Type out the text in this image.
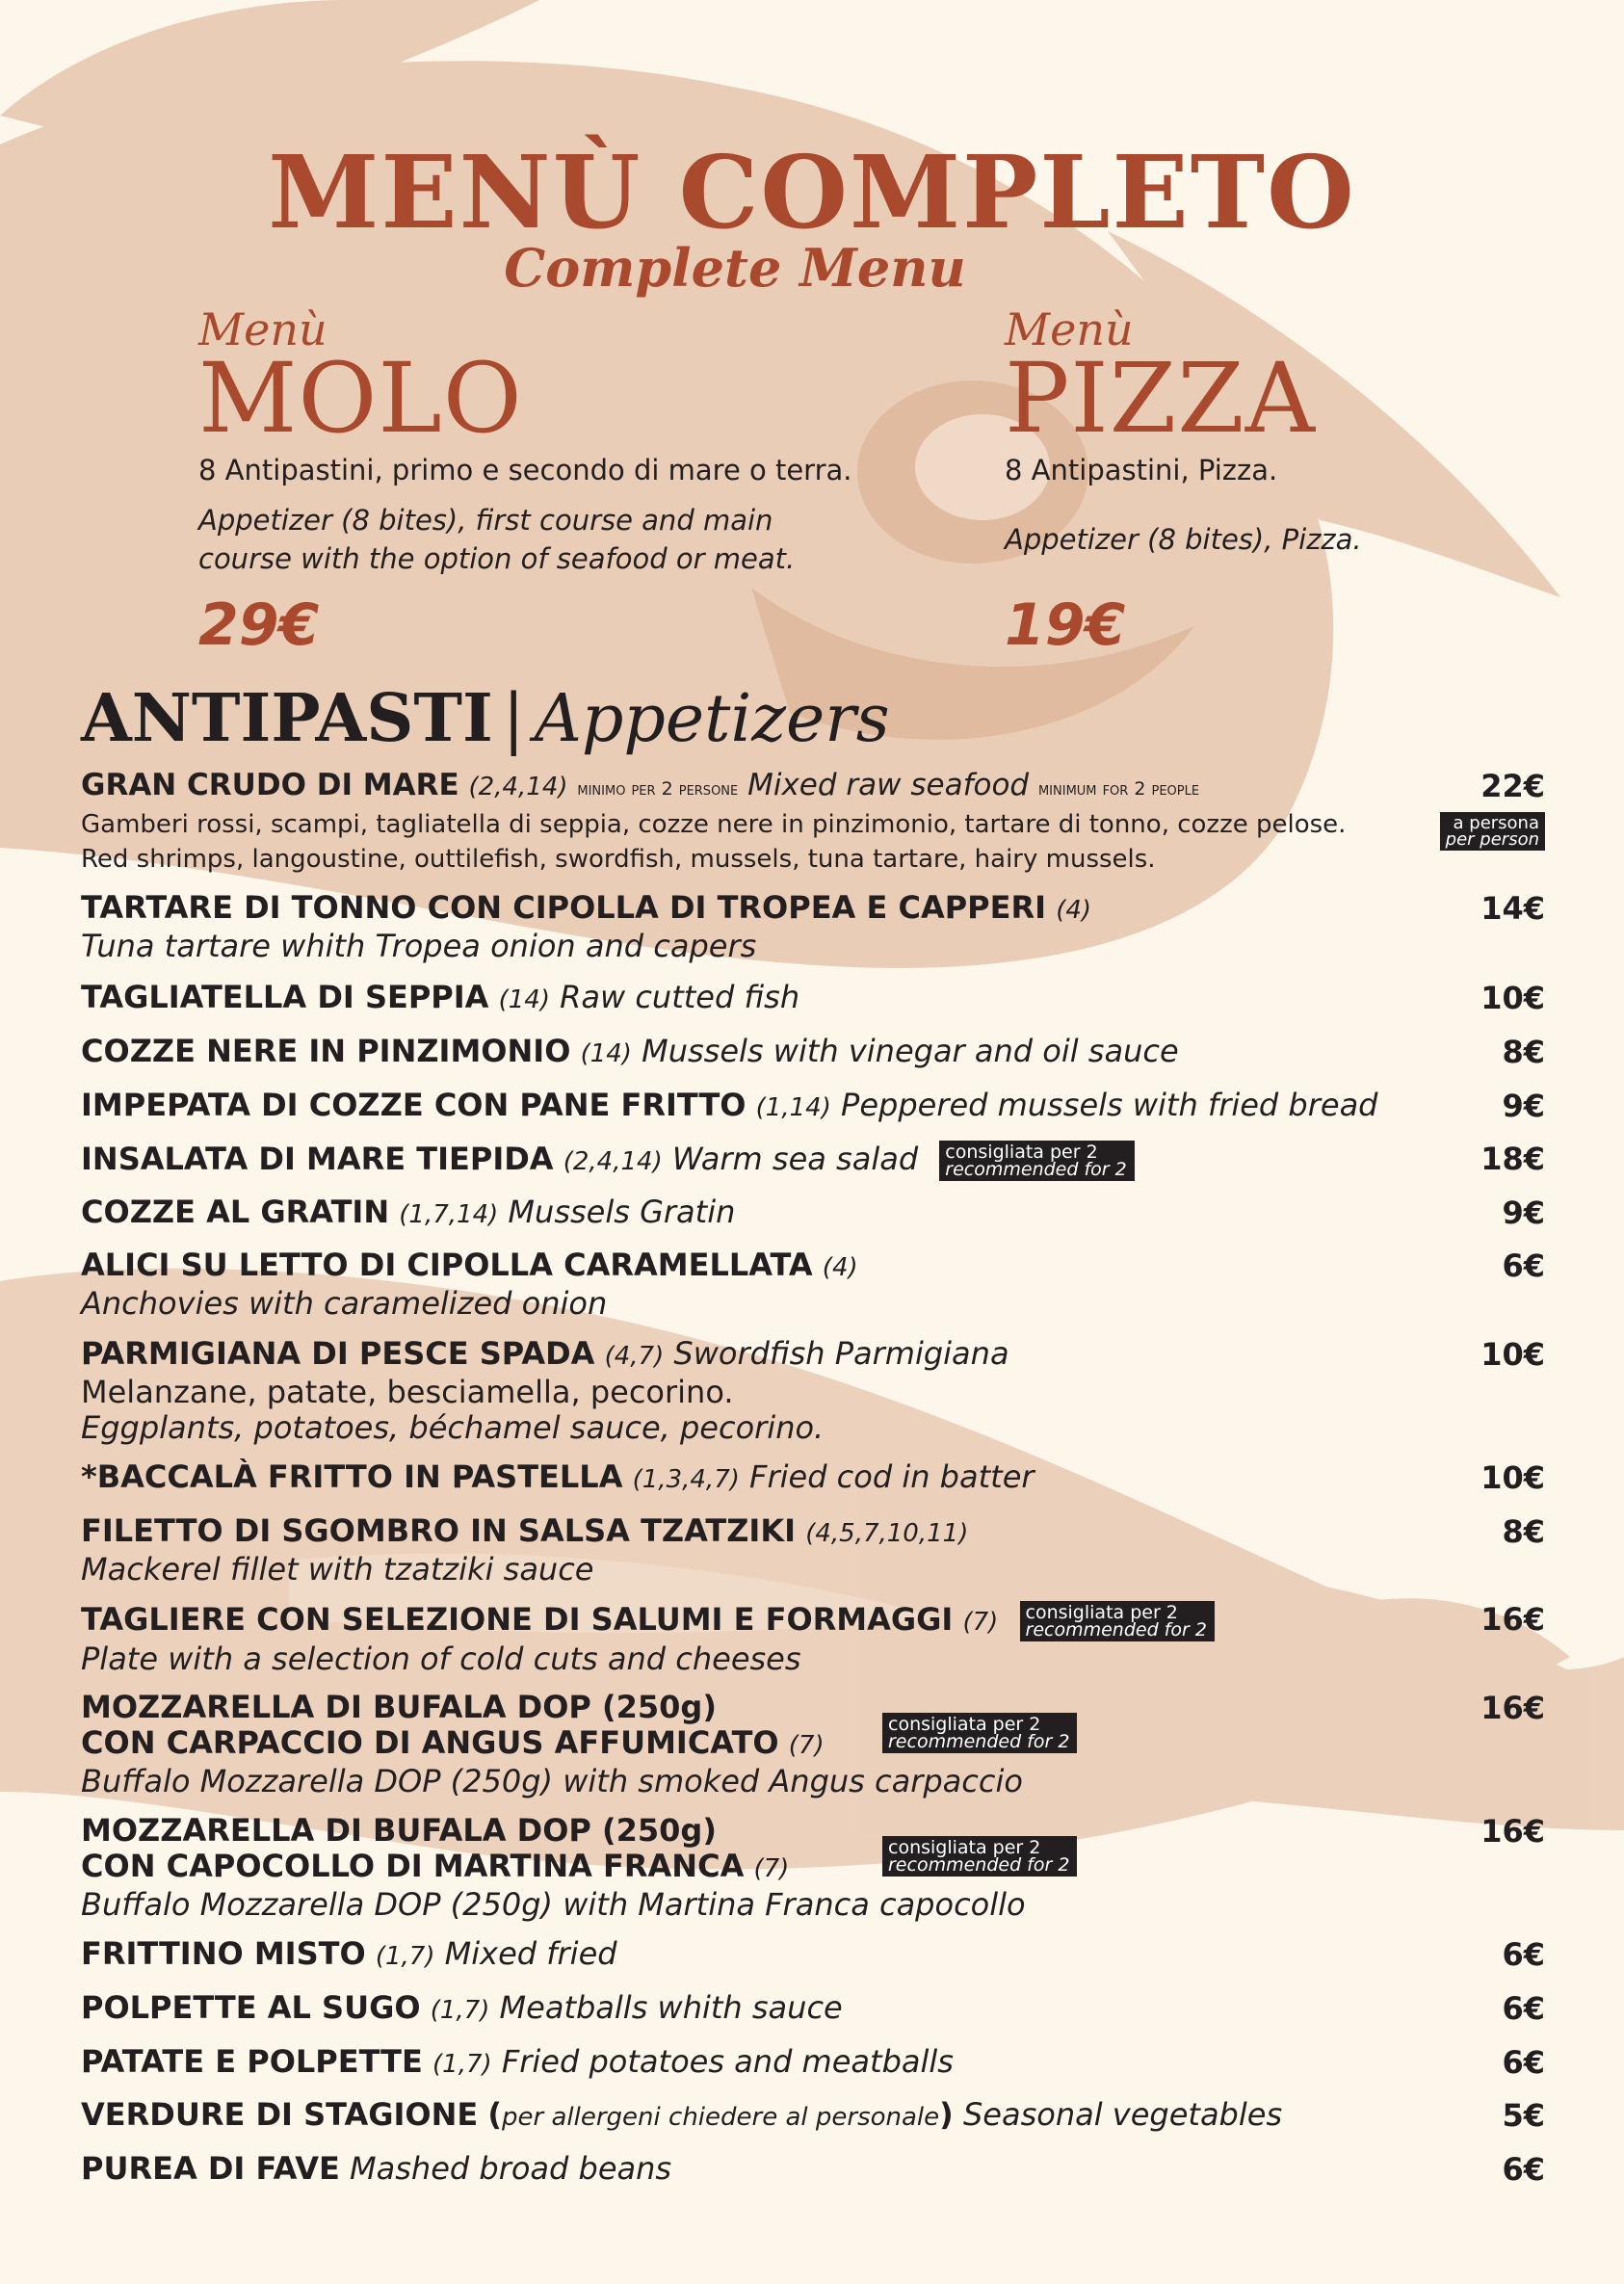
MENÙ COMPLETO
Complete Menu
Menù
MOLO
8 Antipastini, primo e secondo di mare o terra.
Appetizer (8 bites), first course and main
course with the option of seafood or meat.
29€
Menù
PIZZA
8 Antipastini, Pizza.
Appetizer (8 bites), Pizza.
19€
ANTIPASTI | Appetizers
GRAN CRUDO DI MARE (2,4,14) minimo per 2 persone Mixed raw seafood minimum for 2 people
Gamberi rossi, scampi, tagliatella di seppia, cozze nere in pinzimonio, tartare di tonno, cozze pelose.
Red shrimps, langoustine, outtilefish, swordfish, mussels, tuna tartare, hairy mussels.
22€
a persona
per person
TARTARE DI TONNO CON CIPOLLA DI TROPEA E CAPPERI (4)
Tuna tartare whith Tropea onion and capers
14€
TAGLIATELLA DI SEPPIA (14) Raw cutted fish	10€
COZZE NERE IN PINZIMONIO (14) Mussels with vinegar and oil sauce	8€
IMPEPATA DI COZZE CON PANE FRITTO (1,14) Peppered mussels with fried bread	9€
INSALATA DI MARE TIEPIDA (2,4,14) Warm sea salad consigliata per 2
recommended for 2	18€
COZZE AL GRATIN (1,7,14) Mussels Gratin	9€
ALICI SU LETTO DI CIPOLLA CARAMELLATA (4)
Anchovies with caramelized onion
6€
PARMIGIANA DI PESCE SPADA (4,7) Swordfish Parmigiana
Melanzane, patate, besciamella, pecorino.
Eggplants, potatoes, béchamel sauce, pecorino.
10€
*BACCALÀ FRITTO IN PASTELLA (1,3,4,7) Fried cod in batter	10€
FILETTO DI SGOMBRO IN SALSA TZATZIKI (4,5,7,10,11)
Mackerel fillet with tzatziki sauce
8€
TAGLIERE CON SELEZIONE DI SALUMI E FORMAGGI (7) consigliata per 2
recommended for 2
Plate with a selection of cold cuts and cheeses
16€
MOZZARELLA DI BUFALA DOP (250g)
CON CARPACCIO DI ANGUS AFFUMICATO (7)
Buffalo Mozzarella DOP (250g) with smoked Angus carpaccio
consigliata per 2
recommended for 2
16€
MOZZARELLA DI BUFALA DOP (250g)
CON CAPOCOLLO DI MARTINA FRANCA (7)
Buffalo Mozzarella DOP (250g) with Martina Franca capocollo
consigliata per 2
recommended for 2
16€
FRITTINO MISTO (1,7) Mixed fried	6€
POLPETTE AL SUGO (1,7) Meatballs whith sauce	6€
PATATE E POLPETTE (1,7) Fried potatoes and meatballs	6€
VERDURE DI STAGIONE (per allergeni chiedere al personale) Seasonal vegetables	5€
PUREA DI FAVE Mashed broad beans	6€
